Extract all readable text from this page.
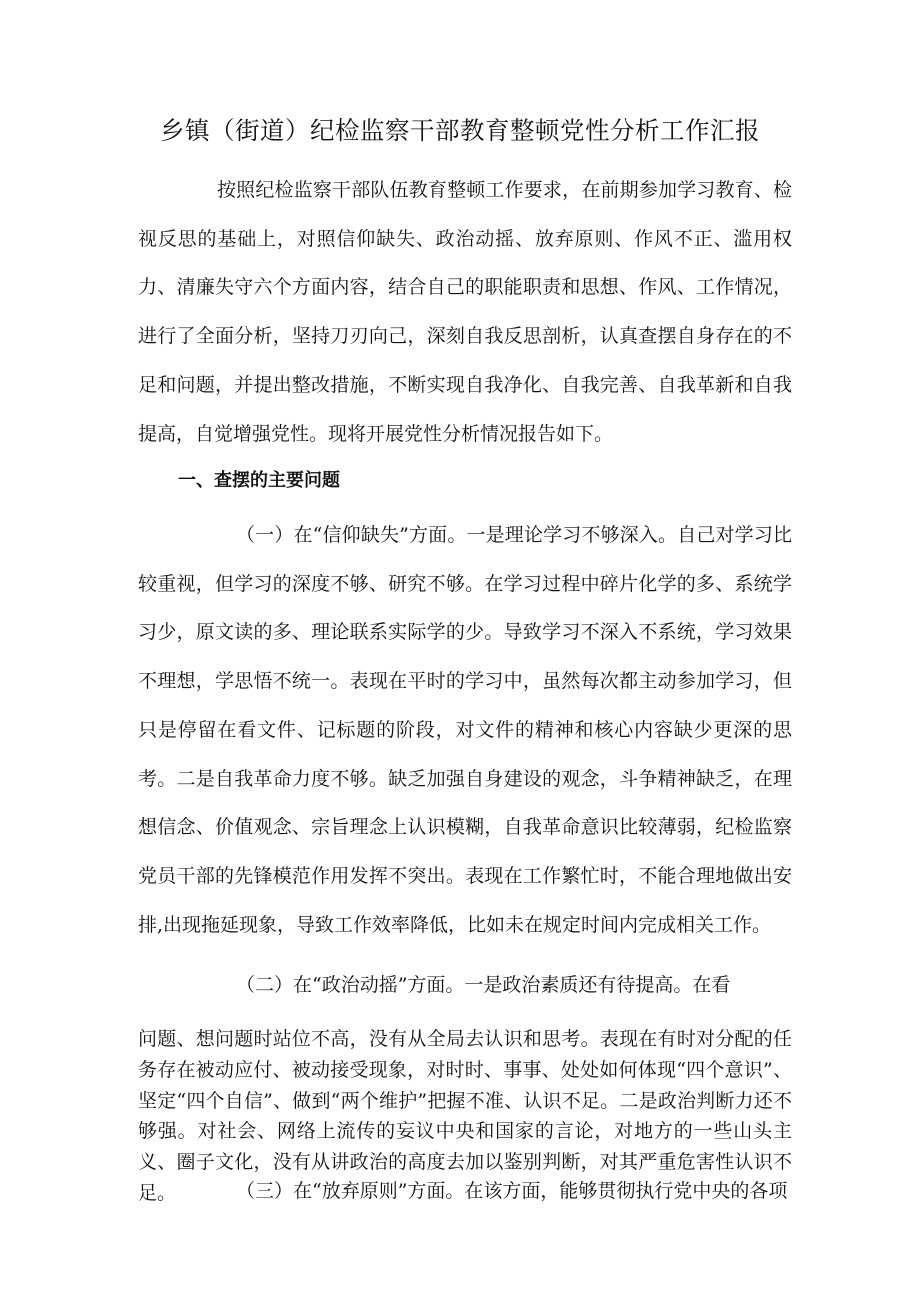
乡镇（街道）纪检监察干部教育整顿党性分析工作汇报

按照纪检监察干部队伍教育整顿工作要求，在前期参加学习教育、检视反思的基础上，对照信仰缺失、政治动摇、放弃原则、作风不正、滥用权力、清廉失守六个方面内容，结合自己的职能职责和思想、作风、工作情况，进行了全面分析，坚持刀刃向己，深刻自我反思剖析，认真查摆自身存在的不足和问题，并提出整改措施，不断实现自我净化、自我完善、自我革新和自我提高，自觉增强党性。现将开展党性分析情况报告如下。

一、查摆的主要问题

（一）在“信仰缺失”方面。一是理论学习不够深入。自己对学习比较重视，但学习的深度不够、研究不够。在学习过程中碎片化学的多、系统学习少，原文读的多、理论联系实际学的少。导致学习不深入不系统，学习效果不理想，学思悟不统一。表现在平时的学习中，虽然每次都主动参加学习，但只是停留在看文件、记标题的阶段，对文件的精神和核心内容缺少更深的思考。二是自我革命力度不够。缺乏加强自身建设的观念，斗争精神缺乏，在理想信念、价值观念、宗旨理念上认识模糊，自我革命意识比较薄弱，纪检监察党员干部的先锋模范作用发挥不突出。表现在工作繁忙时，不能合理地做出安排,出现拖延现象，导致工作效率降低，比如未在规定时间内完成相关工作。

（二）在“政治动摇”方面。一是政治素质还有待提高。在看

问题、想问题时站位不高，没有从全局去认识和思考。表现在有时对分配的任务存在被动应付、被动接受现象，对时时、事事、处处如何体现“四个意识”、坚定“四个自信”、做到“两个维护”把握不准、认识不足。二是政治判断力还不够强。对社会、网络上流传的妄议中央和国家的言论，对地方的一些山头主义、圈子文化，没有从讲政治的高度去加以鉴别判断，对其严重危害性认识不足。	（三）在“放弃原则”方面。在该方面，能够贯彻执行党中央的各项
